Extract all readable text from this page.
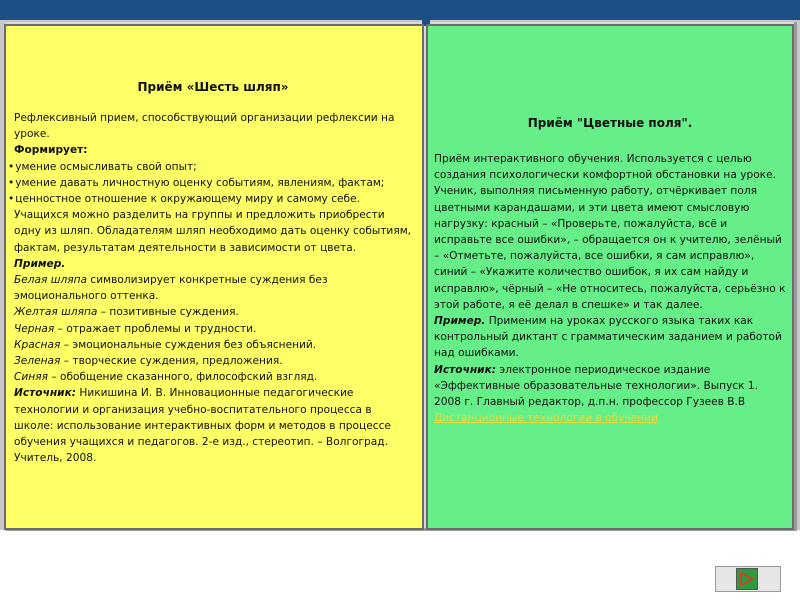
Приём «Шесть шляп»

Рефлексивный прием, способствующий организации рефлексии на уроке.

Формирует:

• умение осмысливать свой опыт;

• умение давать личностную оценку событиям, явлениям, фактам;

• ценностное отношение к окружающему миру и самому себе.

Учащихся можно разделить на группы и предложить приобрести одну из шляп. Обладателям шляп необходимо дать оценку событиям, фактам, результатам деятельности в зависимости от цвета.

Пример.

Белая шляпа символизирует конкретные суждения без эмоционального оттенка.

Желтая шляпа – позитивные суждения.

Черная – отражает проблемы и трудности.

Красная – эмоциональные суждения без объяснений.

Зеленая – творческие суждения, предложения.

Синяя – обобщение сказанного, философский взгляд.

Источник: Никишина И. В. Инновационные педагогические технологии и организация учебно-воспитательного процесса в школе: использование интерактивных форм и методов в процессе обучения учащихся и педагогов. 2-е изд., стереотип. – Волгоград. Учитель, 2008.

Приём "Цветные поля".

Приём интерактивного обучения. Используется с целью создания психологически комфортной обстановки на уроке. Ученик, выполняя письменную работу, отчёркивает поля цветными карандашами, и эти цвета имеют смысловую нагрузку: красный – «Проверьте, пожалуйста, всё и исправьте все ошибки», – обращается он к учителю, зелёный – «Отметьте, пожалуйста, все ошибки, я сам исправлю», синий – «Укажите количество ошибок, я их сам найду и исправлю», чёрный – «Не относитесь, пожалуйста, серьёзно к этой работе, я её делал в спешке» и так далее.

Пример. Применим на уроках русского языка таких как контрольный диктант с грамматическим заданием и работой над ошибками.

Источник: электронное периодическое издание «Эффективные образовательные технологии». Выпуск 1. 2008 г. Главный редактор, д.п.н. профессор Гузеев В.В

Дистанционные технологии в обучении
